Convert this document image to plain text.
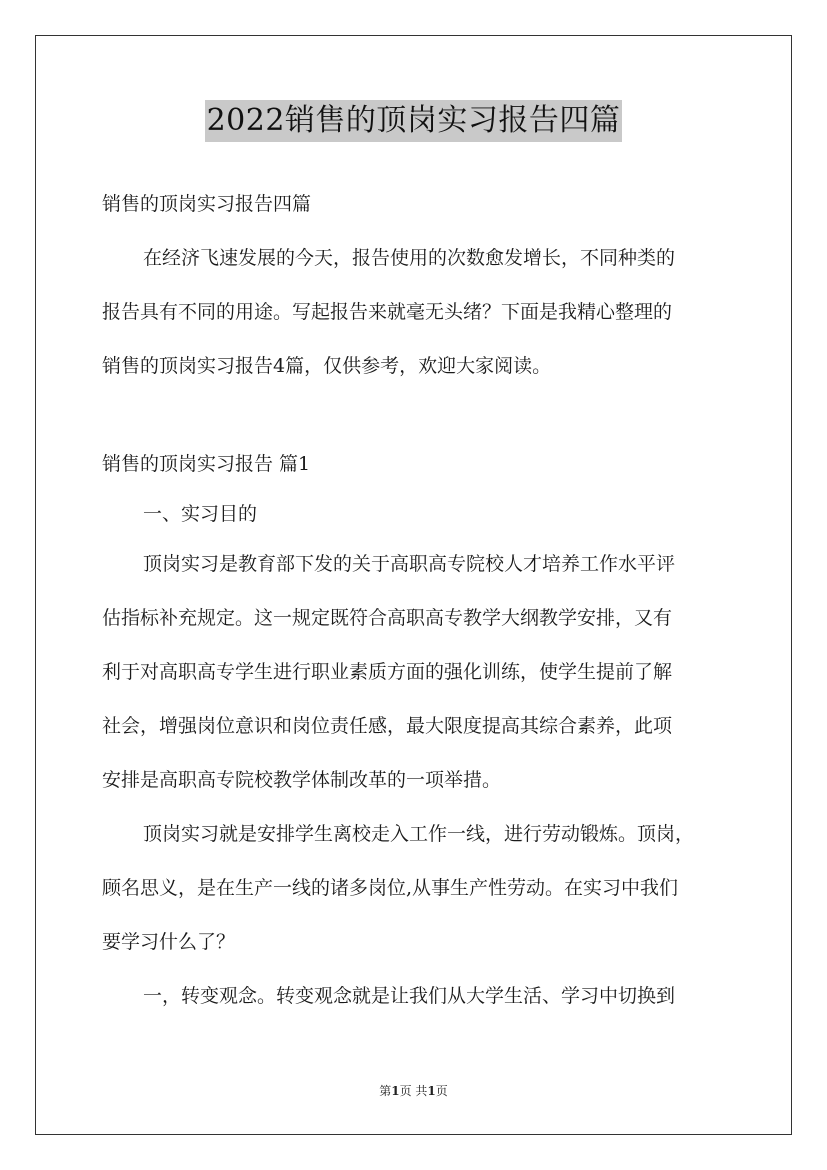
2022销售的顶岗实习报告四篇
销售的顶岗实习报告四篇
在经济飞速发展的今天，报告使用的次数愈发增长，不同种类的
报告具有不同的用途。写起报告来就毫无头绪？下面是我精心整理的
销售的顶岗实习报告4篇，仅供参考，欢迎大家阅读。
销售的顶岗实习报告 篇1
一、实习目的
顶岗实习是教育部下发的关于高职高专院校人才培养工作水平评
估指标补充规定。这一规定既符合高职高专教学大纲教学安排，又有
利于对高职高专学生进行职业素质方面的强化训练，使学生提前了解
社会，增强岗位意识和岗位责任感，最大限度提高其综合素养，此项
安排是高职高专院校教学体制改革的一项举措。
顶岗实习就是安排学生离校走入工作一线，进行劳动锻炼。顶岗，
顾名思义，是在生产一线的诸多岗位,从事生产性劳动。在实习中我们
要学习什么了？
一，转变观念。转变观念就是让我们从大学生活、学习中切换到
第1页 共1页
